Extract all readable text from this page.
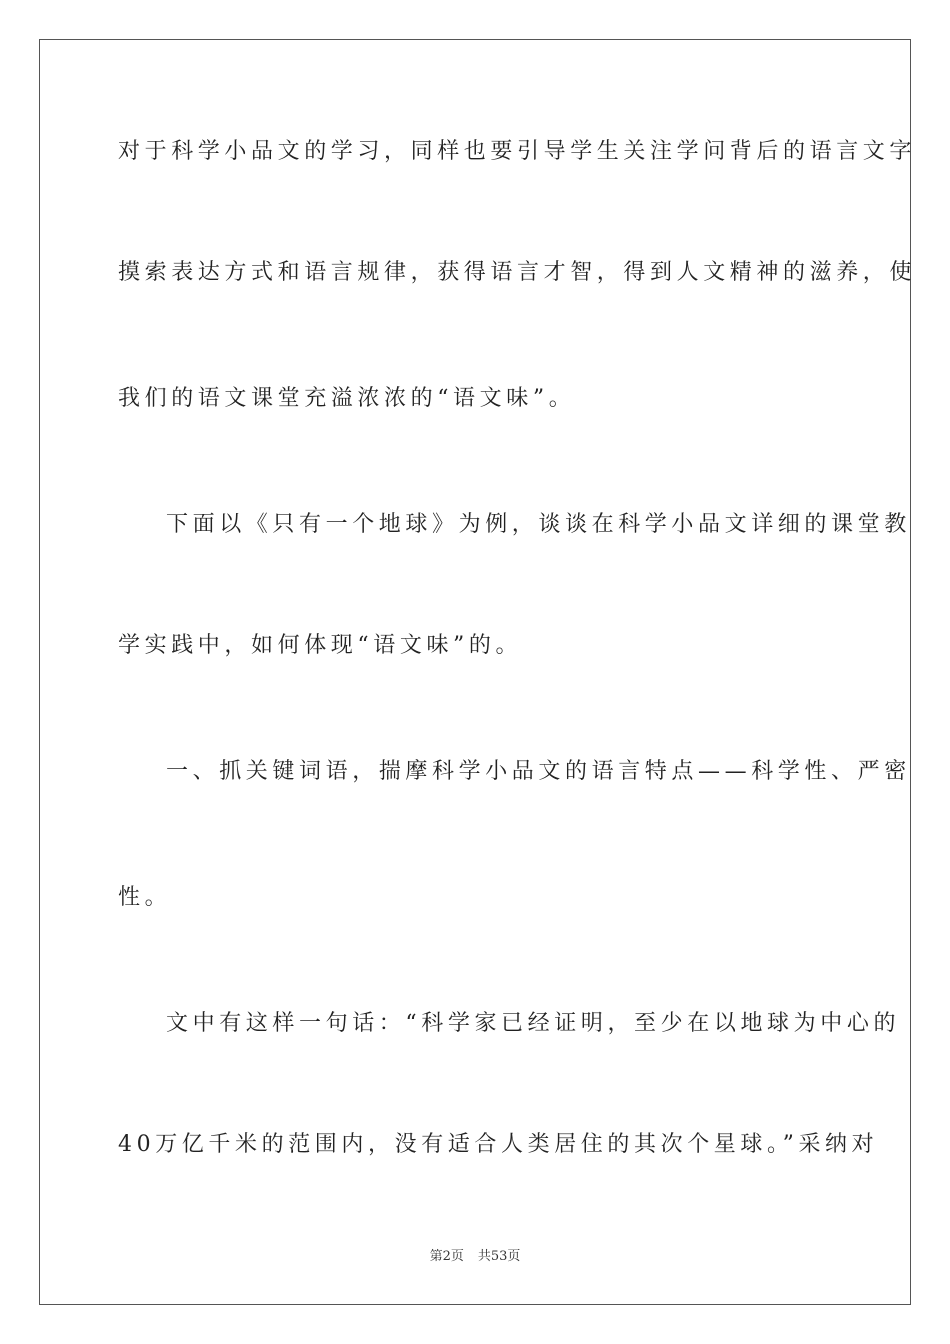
对于科学小品文的学习，同样也要引导学生关注学问背后的语言文字
摸索表达方式和语言规律，获得语言才智，得到人文精神的滋养，使
我们的语文课堂充溢浓浓的“语文味”。
下面以《只有一个地球》为例，谈谈在科学小品文详细的课堂教
学实践中，如何体现“语文味”的。
一、抓关键词语，揣摩科学小品文的语言特点——科学性、严密
性。
文中有这样一句话：“科学家已经证明，至少在以地球为中心的
40万亿千米的范围内，没有适合人类居住的其次个星球。”采纳对
第2页 共53页
